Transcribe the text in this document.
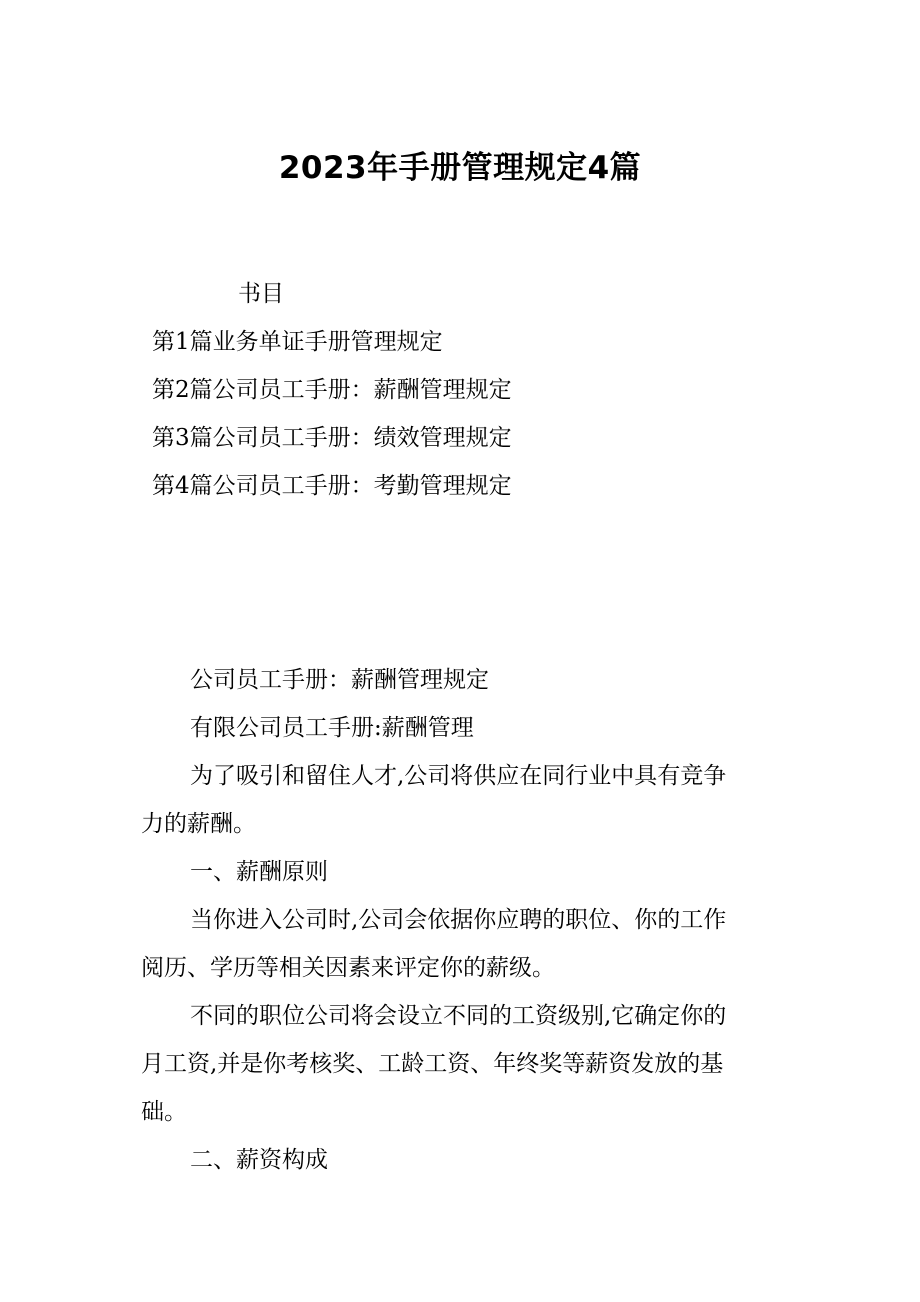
2023年手册管理规定4篇
书目
第1篇业务单证手册管理规定
第2篇公司员工手册：薪酬管理规定
第3篇公司员工手册：绩效管理规定
第4篇公司员工手册：考勤管理规定
公司员工手册：薪酬管理规定
有限公司员工手册:薪酬管理
为了吸引和留住人才,公司将供应在同行业中具有竞争
力的薪酬。
一、薪酬原则
当你进入公司时,公司会依据你应聘的职位、你的工作
阅历、学历等相关因素来评定你的薪级。
不同的职位公司将会设立不同的工资级别,它确定你的
月工资,并是你考核奖、工龄工资、年终奖等薪资发放的基
础。
二、薪资构成
